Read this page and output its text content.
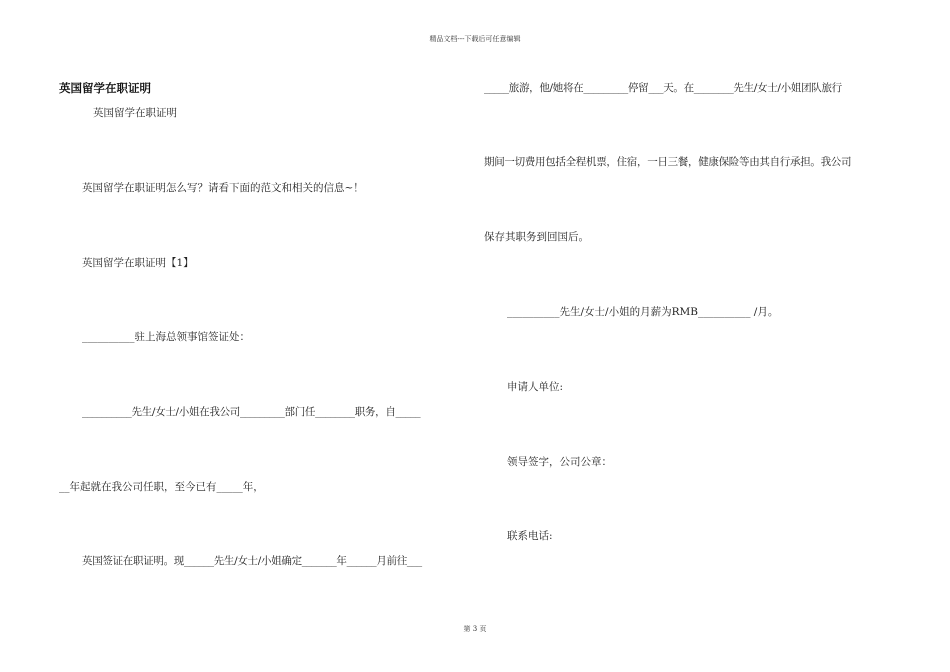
精品文档---下载后可任意编辑
英国留学在职证明
英国留学在职证明
英国留学在职证明怎么写？请看下面的范文和相关的信息~！
英国留学在职证明【1】
__________驻上海总领事馆签证处：
__________先生/女士/小姐在我公司_________部门任________职务，自_____
__年起就在我公司任职，至今已有_____年，
英国签证在职证明。现______先生/女士/小姐确定_______年______月前往___
_____旅游，他/她将在_________停留___天。在________先生/女士/小姐团队旅行
期间一切费用包括全程机票，住宿，一日三餐，健康保险等由其自行承担。我公司
保存其职务到回国后。
__________先生/女士/小姐的月薪为RMB__________ /月。
申请人单位:
领导签字，公司公章：
联系电话:
第 3 页
